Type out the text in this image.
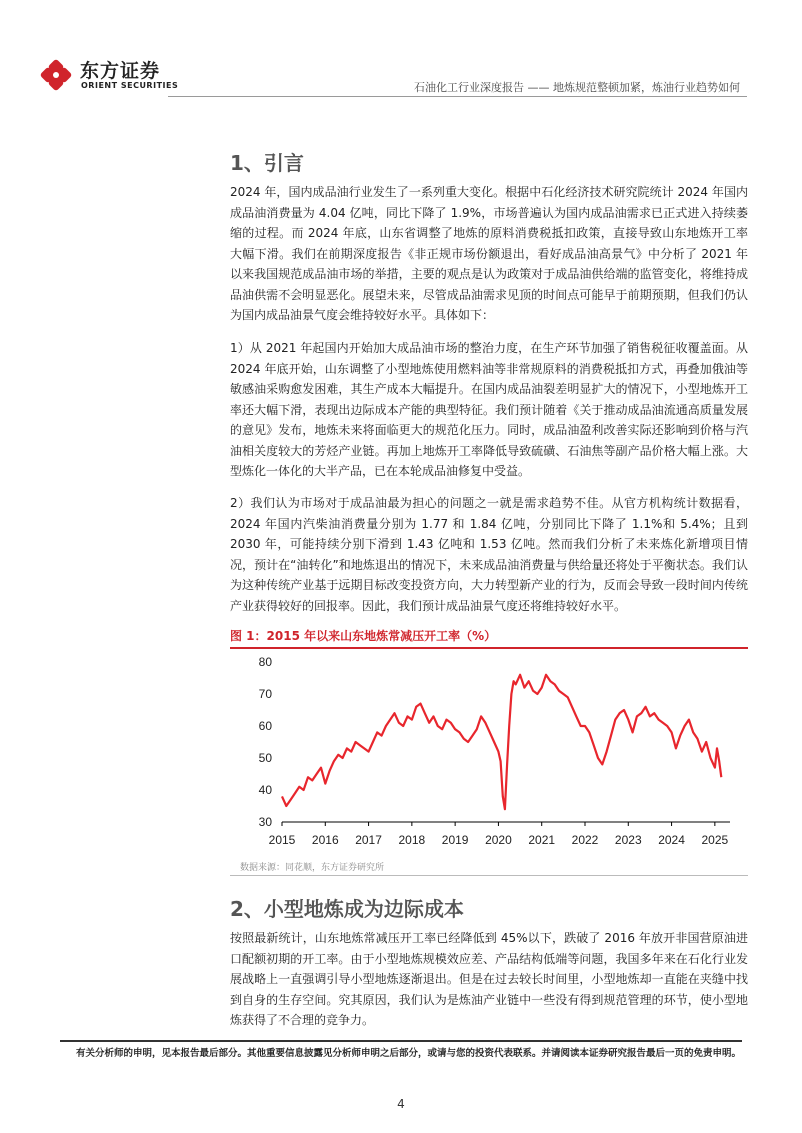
东方证券
ORIENT SECURITIES	石油化工行业深度报告 —— 地炼规范整顿加紧，炼油行业趋势如何
1、引言
2024 年，国内成品油行业发生了一系列重大变化。根据中石化经济技术研究院统计 2024 年国内成品油消费量为 4.04 亿吨，同比下降了 1.9%，市场普遍认为国内成品油需求已正式进入持续萎缩的过程。而 2024 年底，山东省调整了地炼的原料消费税抵扣政策，直接导致山东地炼开工率大幅下滑。我们在前期深度报告《非正规市场份额退出，看好成品油高景气》中分析了 2021 年以来我国规范成品油市场的举措，主要的观点是认为政策对于成品油供给端的监管变化，将维持成品油供需不会明显恶化。展望未来，尽管成品油需求见顶的时间点可能早于前期预期，但我们仍认为国内成品油景气度会维持较好水平。具体如下：
1）从 2021 年起国内开始加大成品油市场的整治力度，在生产环节加强了销售税征收覆盖面。从 2024 年底开始，山东调整了小型地炼使用燃料油等非常规原料的消费税抵扣方式，再叠加俄油等敏感油采购愈发困难，其生产成本大幅提升。在国内成品油裂差明显扩大的情况下，小型地炼开工率还大幅下滑，表现出边际成本产能的典型特征。我们预计随着《关于推动成品油流通高质量发展的意见》发布，地炼未来将面临更大的规范化压力。同时，成品油盈利改善实际还影响到价格与汽油相关度较大的芳烃产业链。再加上地炼开工率降低导致硫磺、石油焦等副产品价格大幅上涨。大型炼化一体化的大半产品，已在本轮成品油修复中受益。
2）我们认为市场对于成品油最为担心的问题之一就是需求趋势不佳。从官方机构统计数据看，2024 年国内汽柴油消费量分别为 1.77 和 1.84 亿吨，分别同比下降了 1.1%和 5.4%；且到 2030 年，可能持续分别下滑到 1.43 亿吨和 1.53 亿吨。然而我们分析了未来炼化新增项目情况，预计在“油转化”和地炼退出的情况下，未来成品油消费量与供给量还将处于平衡状态。我们认为这种传统产业基于远期目标改变投资方向，大力转型新产业的行为，反而会导致一段时间内传统产业获得较好的回报率。因此，我们预计成品油景气度还将维持较好水平。
图 1：2015 年以来山东地炼常减压开工率（%）
30
40
50
60
70
80
2015 2016 2017 2018 2019 2020 2021 2022 2023 2024 2025
数据来源：同花顺，东方证券研究所
2、小型地炼成为边际成本
按照最新统计，山东地炼常减压开工率已经降低到 45%以下，跌破了 2016 年放开非国营原油进口配额初期的开工率。由于小型地炼规模效应差、产品结构低端等问题，我国多年来在石化行业发展战略上一直强调引导小型地炼逐渐退出。但是在过去较长时间里，小型地炼却一直能在夹缝中找到自身的生存空间。究其原因，我们认为是炼油产业链中一些没有得到规范管理的环节，使小型地炼获得了不合理的竞争力。
有关分析师的申明，见本报告最后部分。其他重要信息披露见分析师申明之后部分，或请与您的投资代表联系。并请阅读本证券研究报告最后一页的免责申明。
4
